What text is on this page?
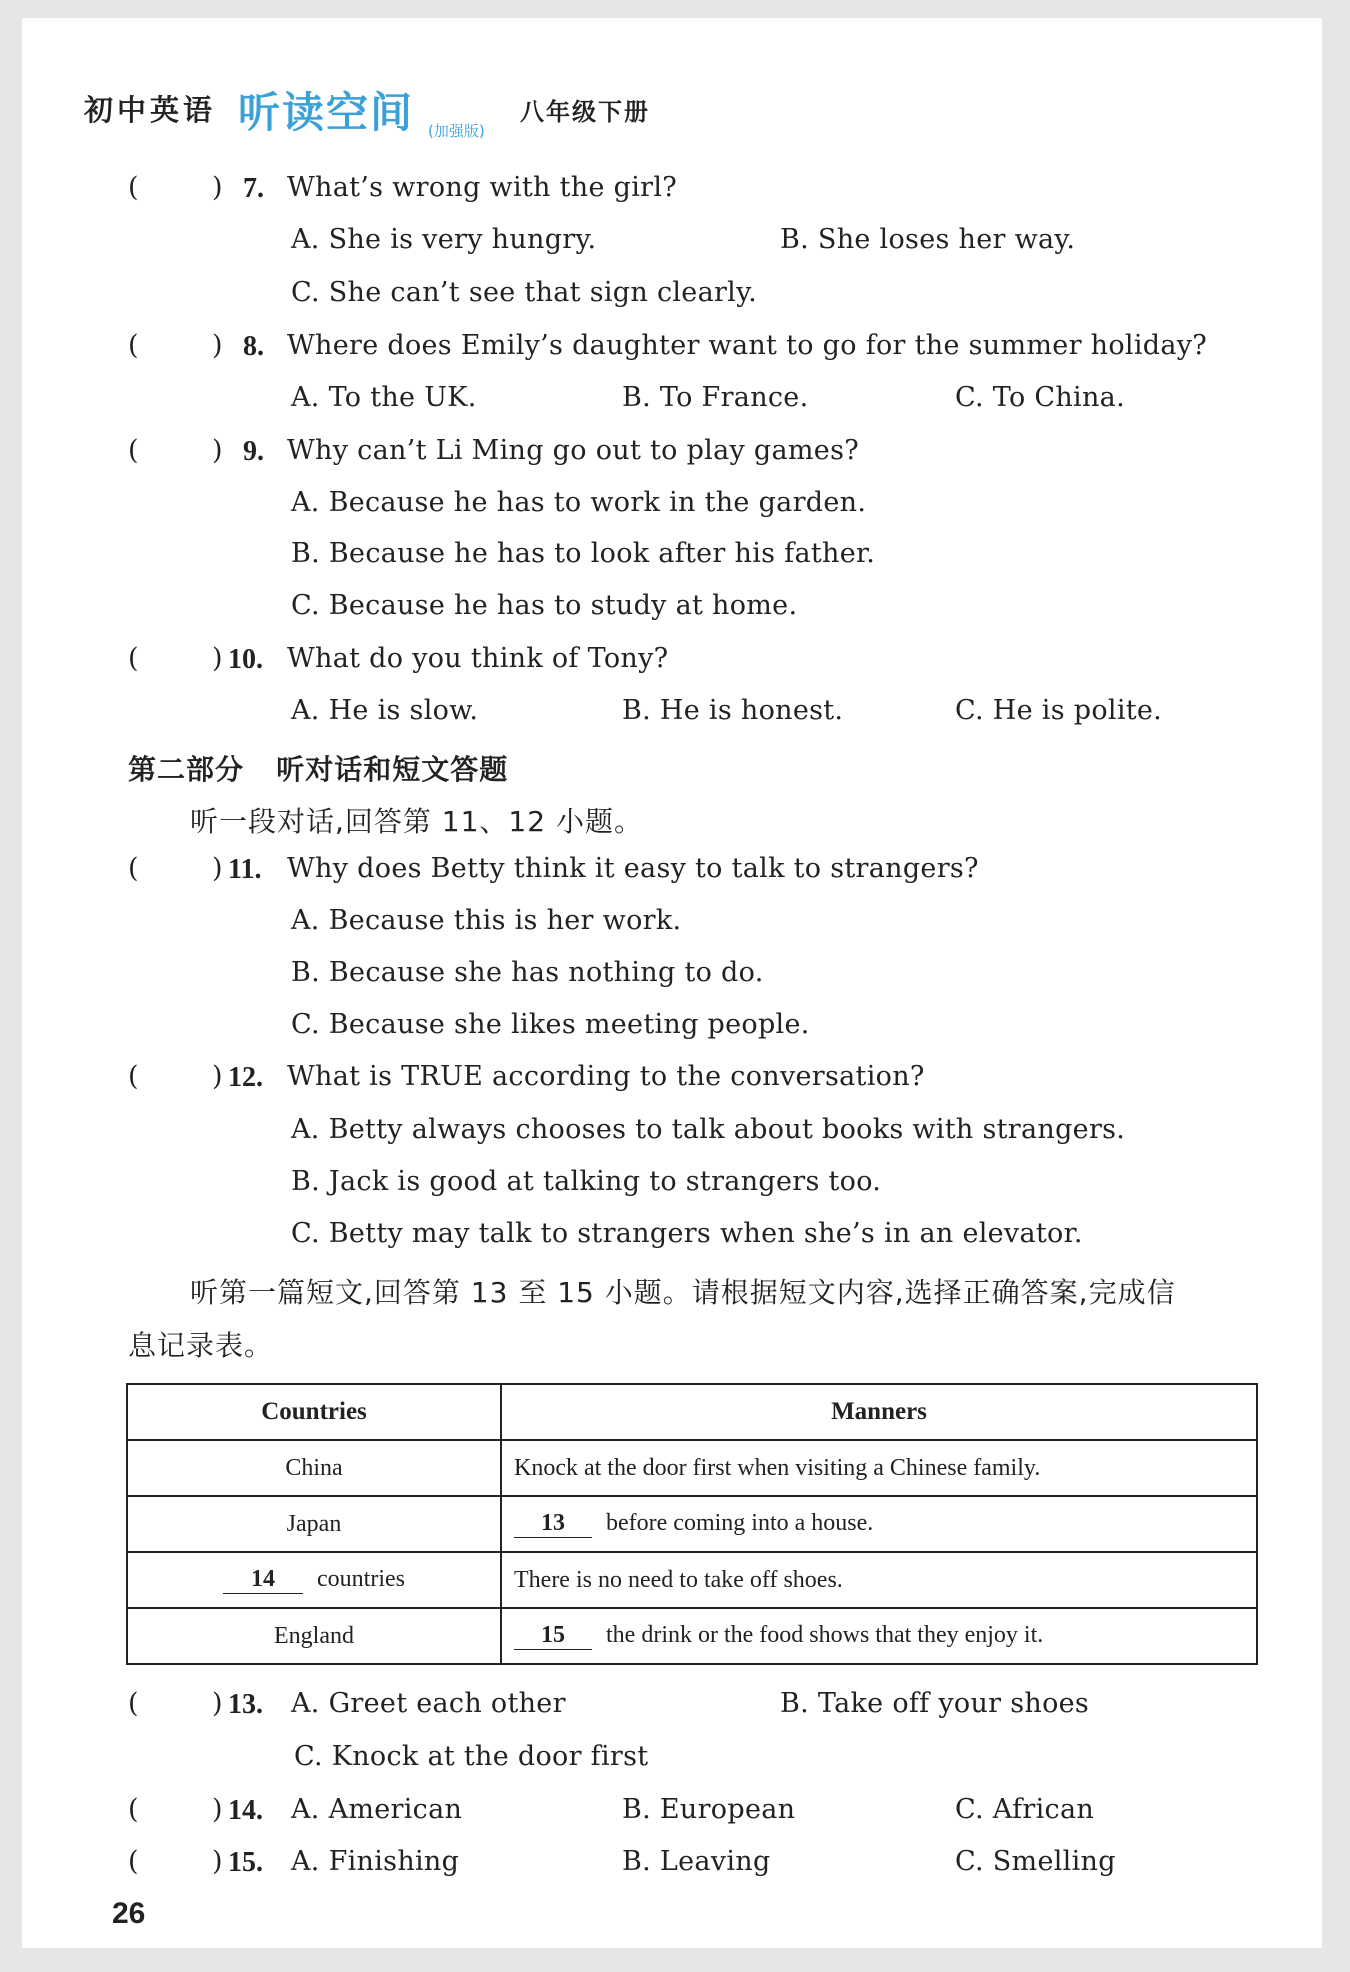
初中英语 听读空间 (加强版)
八年级下册
(	) 7. What’s wrong with the girl?
A. She is very hungry.	B. She loses her way.
C. She can’t see that sign clearly.
(	) 8. Where does Emily’s daughter want to go for the summer holiday?
A. To the UK.	B. To France.	C. To China.
(	) 9. Why can’t Li Ming go out to play games?
A. Because he has to work in the garden.
B. Because he has to look after his father.
C. Because he has to study at home.
(	) 10. What do you think of Tony?
A. He is slow.	B. He is honest.	C. He is polite.
第二部分   听对话和短文答题
听一段对话,回答第 11、12 小题。
(	) 11. Why does Betty think it easy to talk to strangers?
A. Because this is her work.
B. Because she has nothing to do.
C. Because she likes meeting people.
(	) 12. What is TRUE according to the conversation?
A. Betty always chooses to talk about books with strangers.
B. Jack is good at talking to strangers too.
C. Betty may talk to strangers when she’s in an elevator.
听第一篇短文,回答第 13 至 15 小题。请根据短文内容,选择正确答案,完成信
息记录表。
Countries	Manners
China	Knock at the door first when visiting a Chinese family.
Japan	13 before coming into a house.
14 countries	There is no need to take off shoes.
England	15 the drink or the food shows that they enjoy it.
(	) 13. A. Greet each other	B. Take off your shoes
C. Knock at the door first
(	) 14. A. American	B. European	C. African
(	) 15. A. Finishing	B. Leaving	C. Smelling
26
